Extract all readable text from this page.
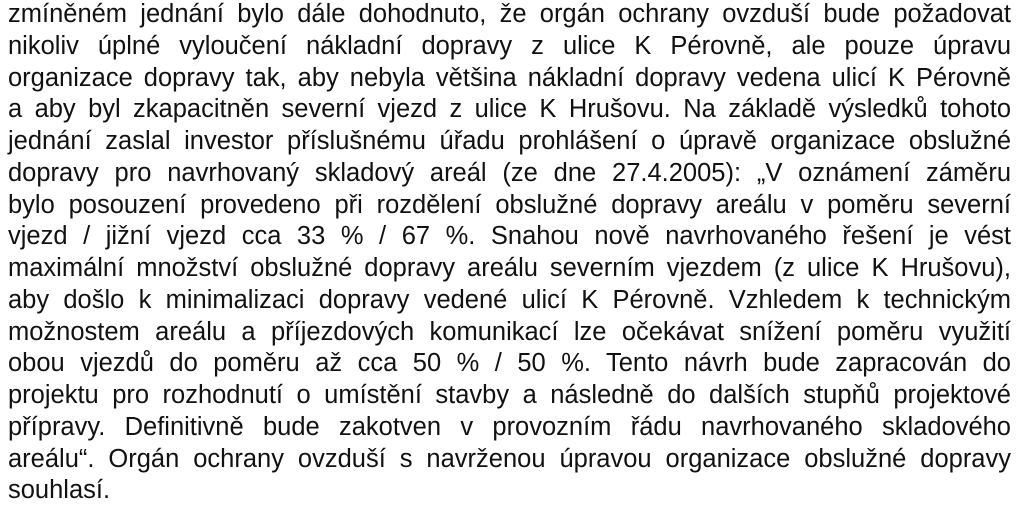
zmíněném jednání bylo dále dohodnuto, že orgán ochrany ovzduší bude požadovat
nikoliv úplné vyloučení nákladní dopravy z ulice K Pérovně, ale pouze úpravu
organizace dopravy tak, aby nebyla většina nákladní dopravy vedena ulicí K Pérovně
a aby byl zkapacitněn severní vjezd z ulice K Hrušovu. Na základě výsledků tohoto
jednání zaslal investor příslušnému úřadu prohlášení o úpravě organizace obslužné
dopravy pro navrhovaný skladový areál (ze dne 27.4.2005): „V oznámení záměru
bylo posouzení provedeno při rozdělení obslužné dopravy areálu v poměru severní
vjezd / jižní vjezd cca 33 % / 67 %. Snahou nově navrhovaného řešení je vést
maximální množství obslužné dopravy areálu severním vjezdem (z ulice K Hrušovu),
aby došlo k minimalizaci dopravy vedené ulicí K Pérovně. Vzhledem k technickým
možnostem areálu a příjezdových komunikací lze očekávat snížení poměru využití
obou vjezdů do poměru až cca 50 % / 50 %. Tento návrh bude zapracován do
projektu pro rozhodnutí o umístění stavby a následně do dalších stupňů projektové
přípravy. Definitivně bude zakotven v provozním řádu navrhovaného skladového
areálu“. Orgán ochrany ovzduší s navrženou úpravou organizace obslužné dopravy
souhlasí.
